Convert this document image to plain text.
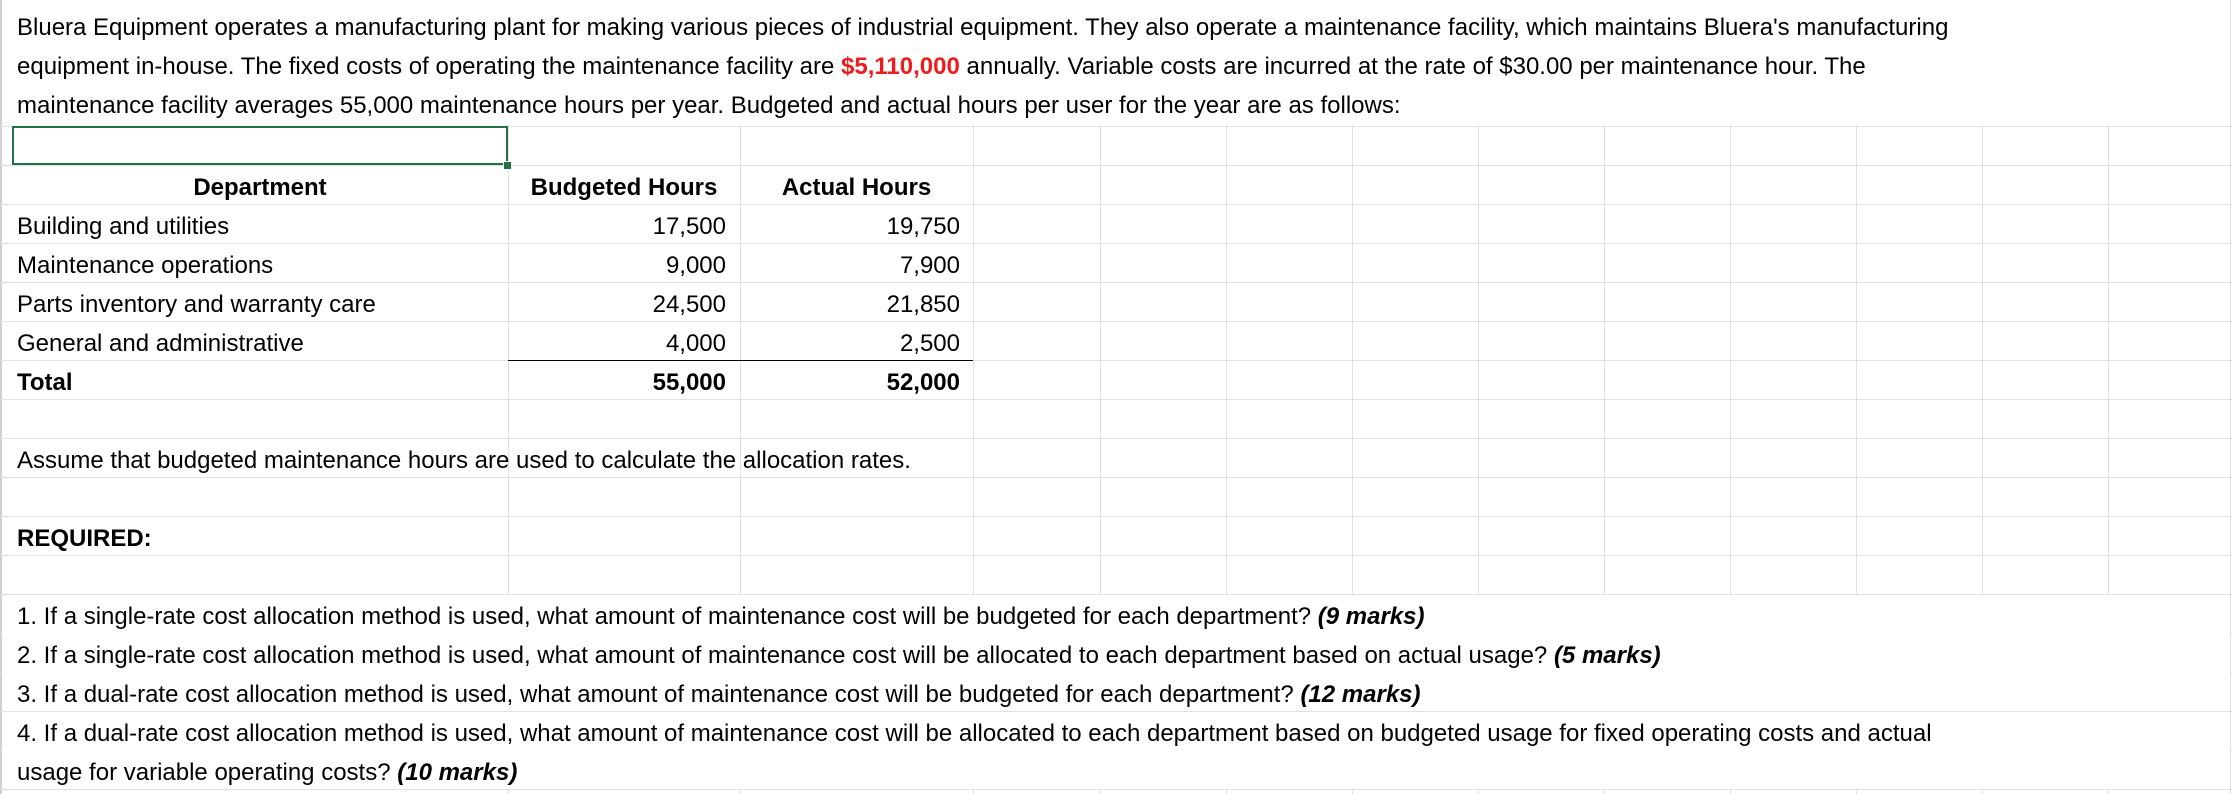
Bluera Equipment operates a manufacturing plant for making various pieces of industrial equipment. They also operate a maintenance facility, which maintains Bluera's manufacturing
equipment in-house. The fixed costs of operating the maintenance facility are $5,110,000 annually. Variable costs are incurred at the rate of $30.00 per maintenance hour. The
maintenance facility averages 55,000 maintenance hours per year. Budgeted and actual hours per user for the year are as follows:
Department	Budgeted Hours	Actual Hours
Building and utilities	17,500	19,750
Maintenance operations	9,000	7,900
Parts inventory and warranty care	24,500	21,850
General and administrative	4,000	2,500
Total	55,000	52,000
Assume that budgeted maintenance hours are used to calculate the allocation rates.
REQUIRED:
1. If a single-rate cost allocation method is used, what amount of maintenance cost will be budgeted for each department? (9 marks)
2. If a single-rate cost allocation method is used, what amount of maintenance cost will be allocated to each department based on actual usage? (5 marks)
3. If a dual-rate cost allocation method is used, what amount of maintenance cost will be budgeted for each department? (12 marks)
4. If a dual-rate cost allocation method is used, what amount of maintenance cost will be allocated to each department based on budgeted usage for fixed operating costs and actual
usage for variable operating costs? (10 marks)
